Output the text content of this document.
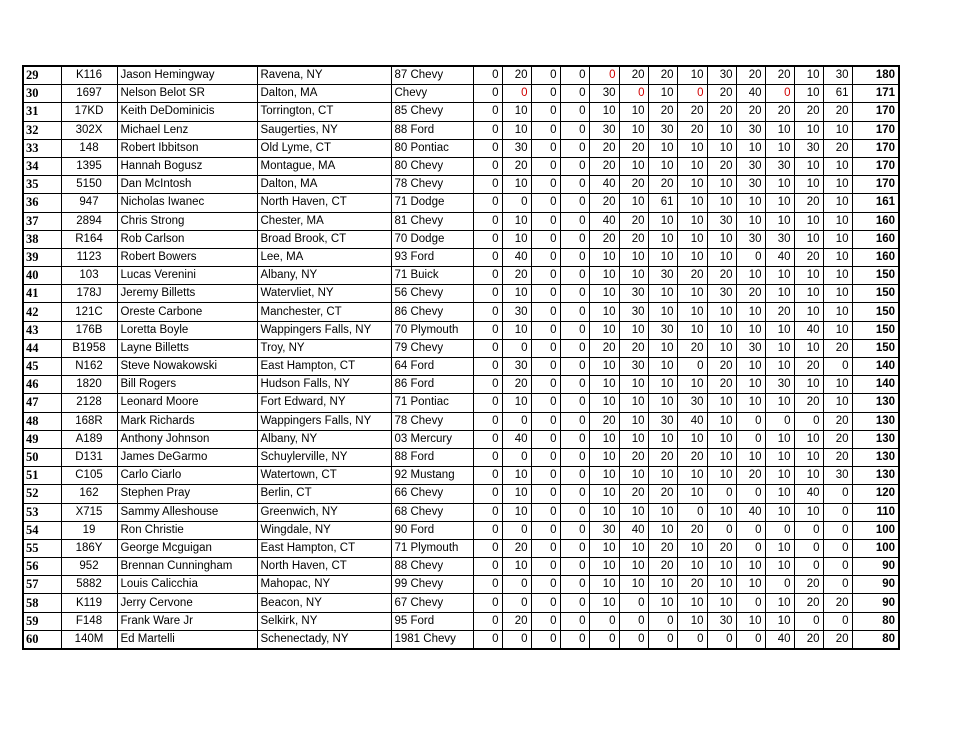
29	K116	Jason Hemingway	Ravena, NY	87 Chevy	0	20	0	0	0	20	20	10	30	20	20	10	30	180
30	1697	Nelson Belot SR	Dalton, MA	Chevy	0	0	0	0	30	0	10	0	20	40	0	10	61	171
31	17KD	Keith DeDominicis	Torrington, CT	85 Chevy	0	10	0	0	10	10	20	20	20	20	20	20	20	170
32	302X	Michael Lenz	Saugerties, NY	88 Ford	0	10	0	0	30	10	30	20	10	30	10	10	10	170
33	148	Robert Ibbitson	Old Lyme, CT	80 Pontiac	0	30	0	0	20	20	10	10	10	10	10	30	20	170
34	1395	Hannah Bogusz	Montague, MA	80 Chevy	0	20	0	0	20	10	10	10	20	30	30	10	10	170
35	5150	Dan McIntosh	Dalton, MA	78 Chevy	0	10	0	0	40	20	20	10	10	30	10	10	10	170
36	947	Nicholas Iwanec	North Haven, CT	71 Dodge	0	0	0	0	20	10	61	10	10	10	10	20	10	161
37	2894	Chris Strong	Chester, MA	81 Chevy	0	10	0	0	40	20	10	10	30	10	10	10	10	160
38	R164	Rob Carlson	Broad Brook, CT	70 Dodge	0	10	0	0	20	20	10	10	10	30	30	10	10	160
39	1123	Robert Bowers	Lee, MA	93 Ford	0	40	0	0	10	10	10	10	10	0	40	20	10	160
40	103	Lucas Verenini	Albany, NY	71 Buick	0	20	0	0	10	10	30	20	20	10	10	10	10	150
41	178J	Jeremy Billetts	Watervliet, NY	56 Chevy	0	10	0	0	10	30	10	10	30	20	10	10	10	150
42	121C	Oreste Carbone	Manchester, CT	86 Chevy	0	30	0	0	10	30	10	10	10	10	20	10	10	150
43	176B	Loretta Boyle	Wappingers Falls, NY	70 Plymouth	0	10	0	0	10	10	30	10	10	10	10	40	10	150
44	B1958	Layne Billetts	Troy, NY	79 Chevy	0	0	0	0	20	20	10	20	10	30	10	10	20	150
45	N162	Steve Nowakowski	East Hampton, CT	64 Ford	0	30	0	0	10	30	10	0	20	10	10	20	0	140
46	1820	Bill Rogers	Hudson Falls, NY	86 Ford	0	20	0	0	10	10	10	10	20	10	30	10	10	140
47	2128	Leonard Moore	Fort Edward, NY	71 Pontiac	0	10	0	0	10	10	10	30	10	10	10	20	10	130
48	168R	Mark Richards	Wappingers Falls, NY	78 Chevy	0	0	0	0	20	10	30	40	10	0	0	0	20	130
49	A189	Anthony Johnson	Albany, NY	03 Mercury	0	40	0	0	10	10	10	10	10	0	10	10	20	130
50	D131	James DeGarmo	Schuylerville, NY	88 Ford	0	0	0	0	10	20	20	20	10	10	10	10	20	130
51	C105	Carlo Ciarlo	Watertown, CT	92 Mustang	0	10	0	0	10	10	10	10	10	20	10	10	30	130
52	162	Stephen Pray	Berlin, CT	66 Chevy	0	10	0	0	10	20	20	10	0	0	10	40	0	120
53	X715	Sammy Alleshouse	Greenwich, NY	68 Chevy	0	10	0	0	10	10	10	0	10	40	10	10	0	110
54	19	Ron Christie	Wingdale, NY	90 Ford	0	0	0	0	30	40	10	20	0	0	0	0	0	100
55	186Y	George Mcguigan	East Hampton, CT	71 Plymouth	0	20	0	0	10	10	20	10	20	0	10	0	0	100
56	952	Brennan Cunningham	North Haven, CT	88 Chevy	0	10	0	0	10	10	20	10	10	10	10	0	0	90
57	5882	Louis Calicchia	Mahopac, NY	99 Chevy	0	0	0	0	10	10	10	20	10	10	0	20	0	90
58	K119	Jerry Cervone	Beacon, NY	67 Chevy	0	0	0	0	10	0	10	10	10	0	10	20	20	90
59	F148	Frank Ware Jr	Selkirk, NY	95 Ford	0	20	0	0	0	0	0	10	30	10	10	0	0	80
60	140M	Ed Martelli	Schenectady, NY	1981 Chevy	0	0	0	0	0	0	0	0	0	0	40	20	20	80
